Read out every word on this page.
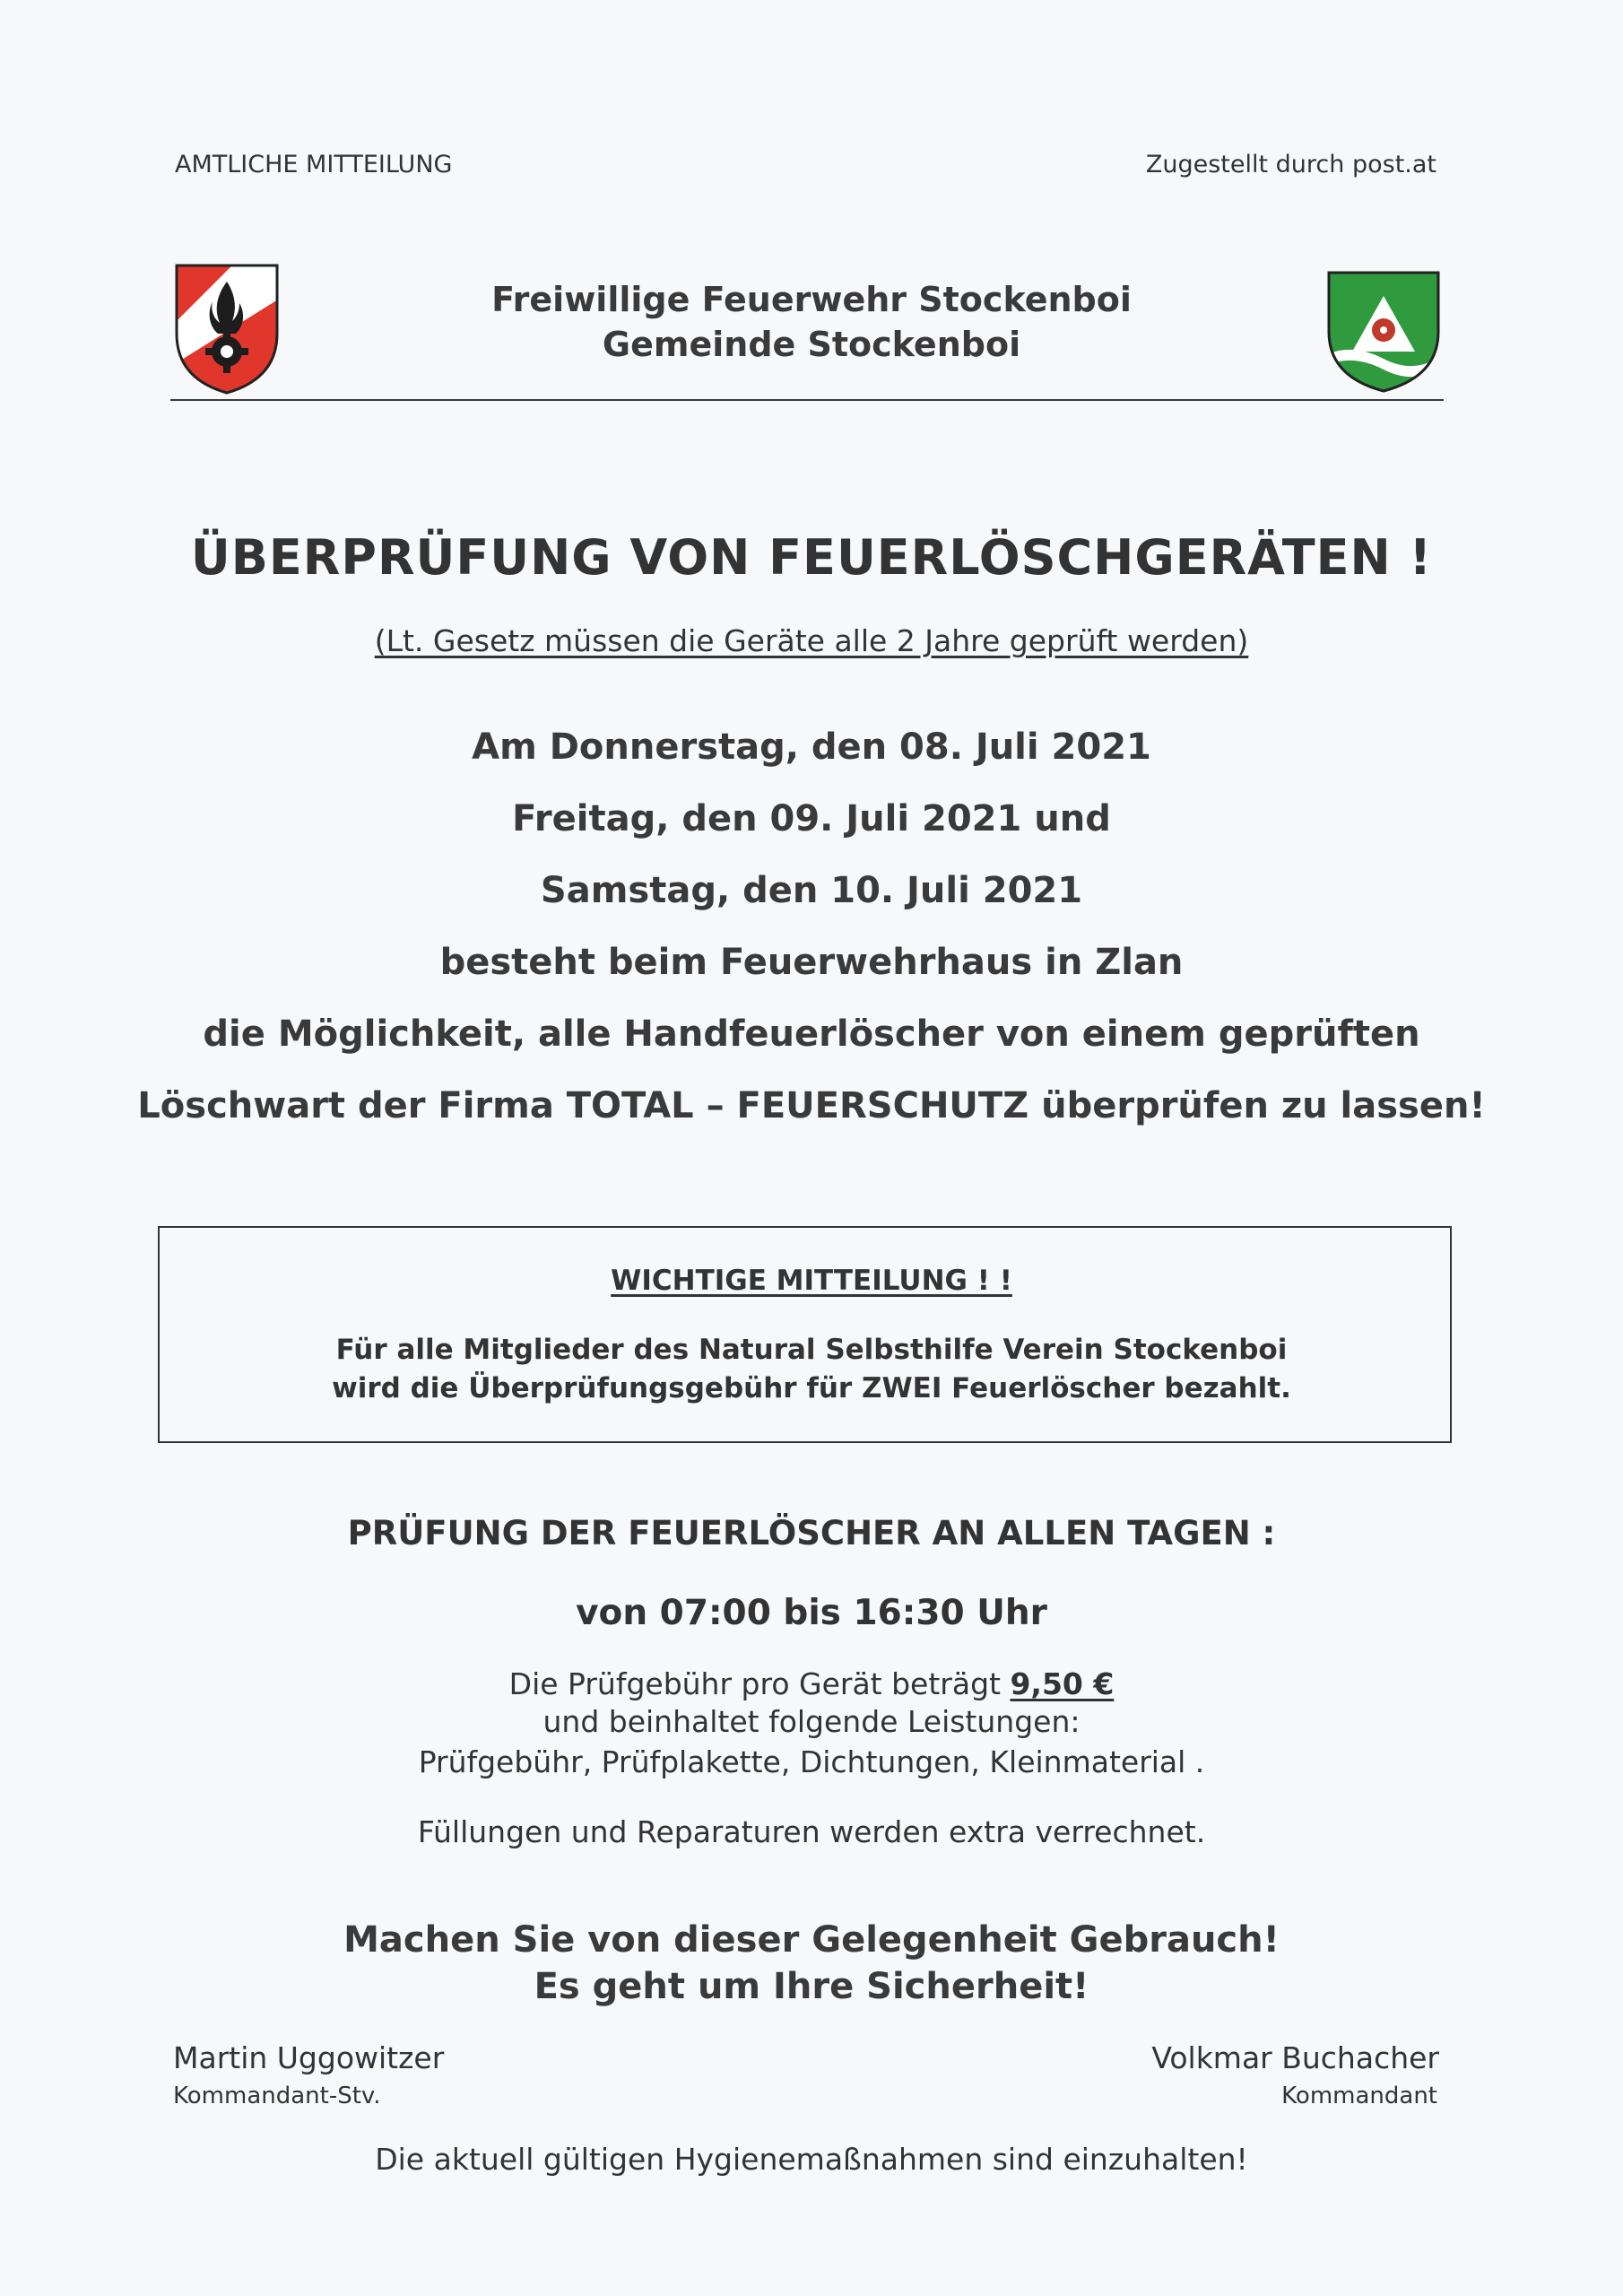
AMTLICHE MITTEILUNG	Zugestellt durch post.at
Freiwillige Feuerwehr Stockenboi
Gemeinde Stockenboi
ÜBERPRÜFUNG VON FEUERLÖSCHGERÄTEN !
(Lt. Gesetz müssen die Geräte alle 2 Jahre geprüft werden)
Am Donnerstag, den 08. Juli 2021
Freitag, den 09. Juli 2021 und
Samstag, den 10. Juli 2021
besteht beim Feuerwehrhaus in Zlan
die Möglichkeit, alle Handfeuerlöscher von einem geprüften
Löschwart der Firma TOTAL – FEUERSCHUTZ überprüfen zu lassen!
WICHTIGE MITTEILUNG ! !
Für alle Mitglieder des Natural Selbsthilfe Verein Stockenboi
wird die Überprüfungsgebühr für ZWEI Feuerlöscher bezahlt.
PRÜFUNG DER FEUERLÖSCHER AN ALLEN TAGEN :
von 07:00 bis 16:30 Uhr
Die Prüfgebühr pro Gerät beträgt 9,50 €
und beinhaltet folgende Leistungen:
Prüfgebühr, Prüfplakette, Dichtungen, Kleinmaterial .
Füllungen und Reparaturen werden extra verrechnet.
Machen Sie von dieser Gelegenheit Gebrauch!
Es geht um Ihre Sicherheit!
Martin Uggowitzer
Kommandant-Stv.
Volkmar Buchacher
Kommandant
Die aktuell gültigen Hygienemaßnahmen sind einzuhalten!
